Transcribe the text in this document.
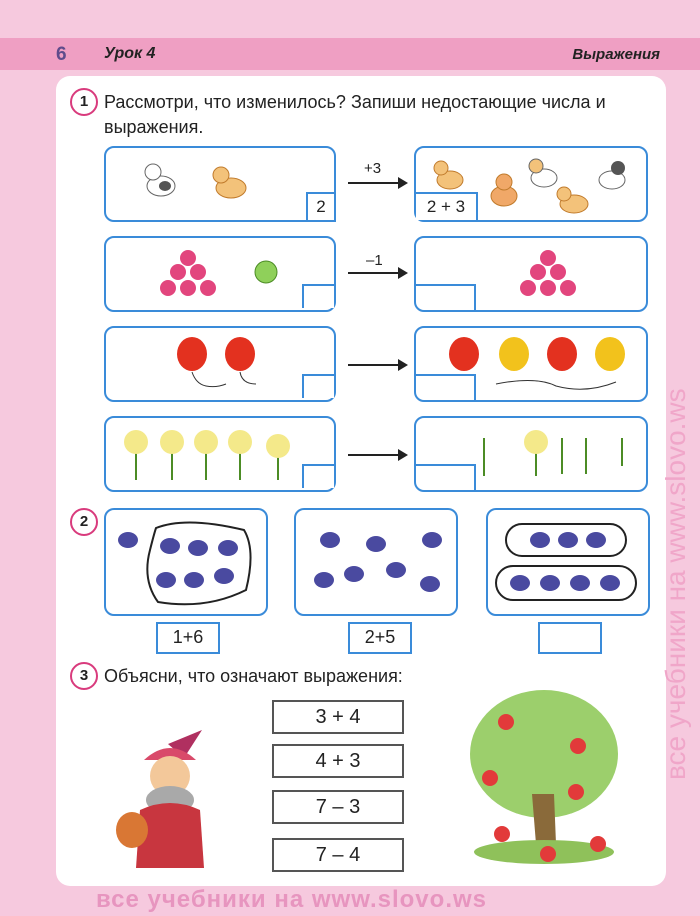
6 Урок 4	Выражения
1 Рассмотри, что изменилось? Запиши недостающие числа и выражения.
2
+3
2 + 3
–1
2
1+6	2+5
3 Объясни, что означают выражения:
3 + 4
4 + 3
7 – 3
7 – 4
все учебники на www.slovo.ws
все учебники на www.slovo.ws
